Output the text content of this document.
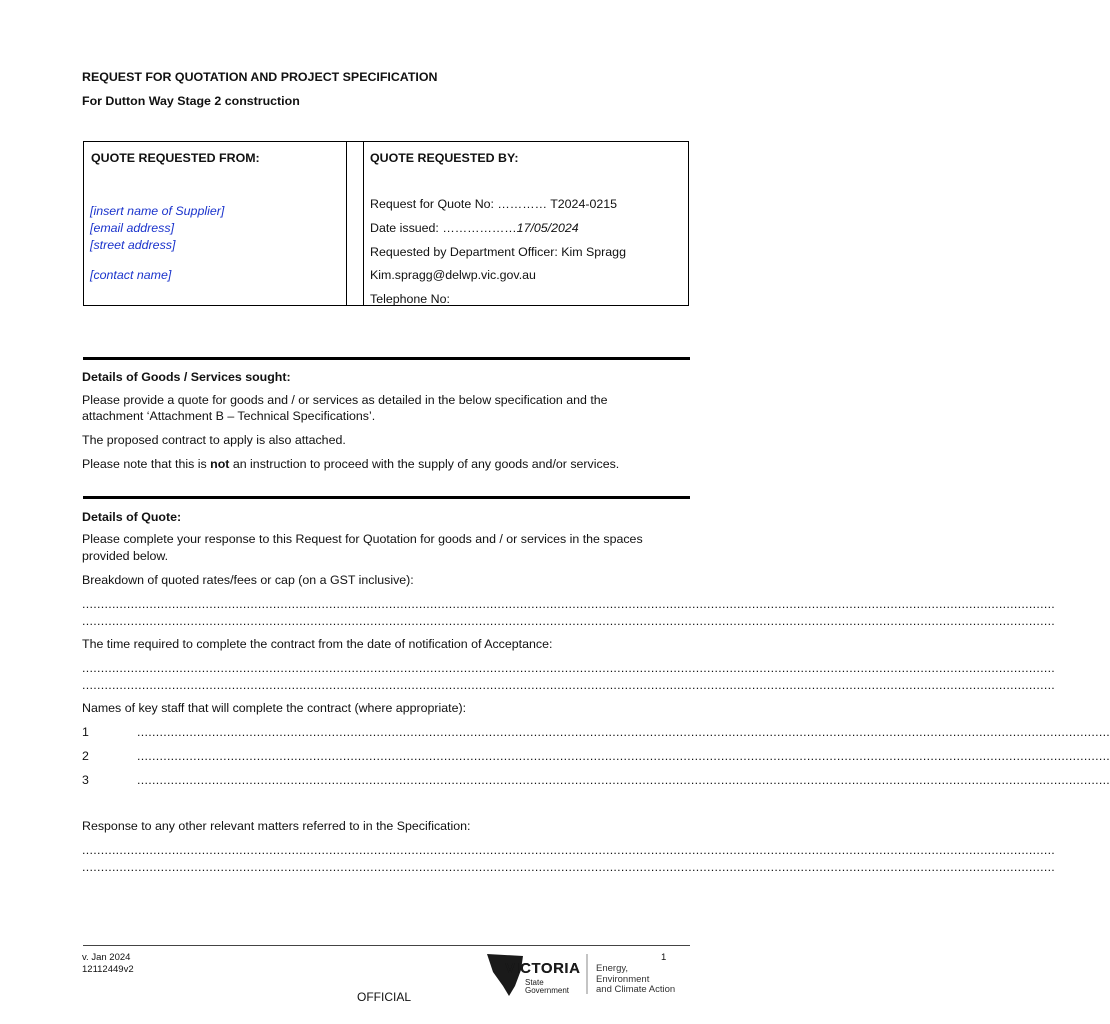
REQUEST FOR QUOTATION AND PROJECT SPECIFICATION
For Dutton Way Stage 2 construction
QUOTE REQUESTED FROM:
[insert name of Supplier]
[email address]
[street address]
[contact name]
QUOTE REQUESTED BY:
Request for Quote No: ………… T2024-0215
Date issued: ………………17/05/2024
Requested by Department Officer: Kim Spragg
Kim.spragg@delwp.vic.gov.au
Telephone No:
Details of Goods / Services sought:
Please provide a quote for goods and / or services as detailed in the below specification and the
attachment ‘Attachment B – Technical Specifications’.
The proposed contract to apply is also attached.
Please note that this is not an instruction to proceed with the supply of any goods and/or services.
Details of Quote:
Please complete your response to this Request for Quotation for goods and / or services in the spaces
provided below.
Breakdown of quoted rates/fees or cap (on a GST inclusive):
....................................................................................................................................................................................................................................................................
....................................................................................................................................................................................................................................................................
The time required to complete the contract from the date of notification of Acceptance:
....................................................................................................................................................................................................................................................................
....................................................................................................................................................................................................................................................................
Names of key staff that will complete the contract (where appropriate):
1	....................................................................................................................................................................................................................................................................
2	....................................................................................................................................................................................................................................................................
3	....................................................................................................................................................................................................................................................................
Response to any other relevant matters referred to in the Specification:
....................................................................................................................................................................................................................................................................
....................................................................................................................................................................................................................................................................
v. Jan 2024
12112449v2
1
OFFICIAL
VICTORIA
State
Government
Energy,
Environment
and Climate Action
